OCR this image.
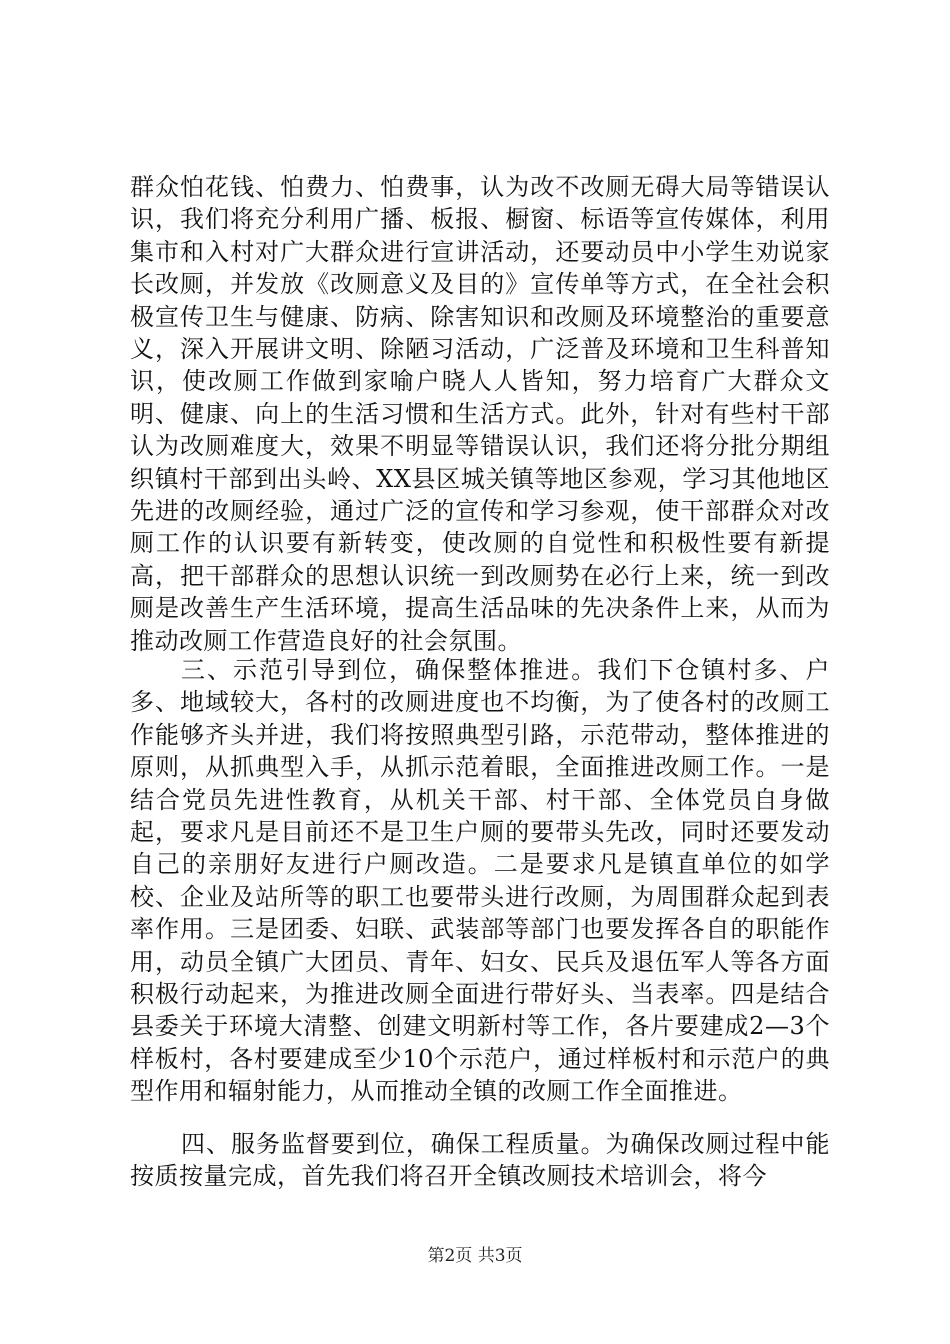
群众怕花钱、怕费力、怕费事，认为改不改厕无碍大局等错误认识，我们将充分利用广播、板报、橱窗、标语等宣传媒体，利用集市和入村对广大群众进行宣讲活动，还要动员中小学生劝说家长改厕，并发放《改厕意义及目的》宣传单等方式，在全社会积极宣传卫生与健康、防病、除害知识和改厕及环境整治的重要意义，深入开展讲文明、除陋习活动，广泛普及环境和卫生科普知识，使改厕工作做到家喻户晓人人皆知，努力培育广大群众文明、健康、向上的生活习惯和生活方式。此外，针对有些村干部认为改厕难度大，效果不明显等错误认识，我们还将分批分期组织镇村干部到出头岭、XX县区城关镇等地区参观，学习其他地区先进的改厕经验，通过广泛的宣传和学习参观，使干部群众对改厕工作的认识要有新转变，使改厕的自觉性和积极性要有新提高，把干部群众的思想认识统一到改厕势在必行上来，统一到改厕是改善生产生活环境，提高生活品味的先决条件上来，从而为推动改厕工作营造良好的社会氛围。

三、示范引导到位，确保整体推进。我们下仓镇村多、户多、地域较大，各村的改厕进度也不均衡，为了使各村的改厕工作能够齐头并进，我们将按照典型引路，示范带动，整体推进的原则，从抓典型入手，从抓示范着眼，全面推进改厕工作。一是结合党员先进性教育，从机关干部、村干部、全体党员自身做起，要求凡是目前还不是卫生户厕的要带头先改，同时还要发动自己的亲朋好友进行户厕改造。二是要求凡是镇直单位的如学校、企业及站所等的职工也要带头进行改厕，为周围群众起到表率作用。三是团委、妇联、武装部等部门也要发挥各自的职能作用，动员全镇广大团员、青年、妇女、民兵及退伍军人等各方面积极行动起来，为推进改厕全面进行带好头、当表率。四是结合县委关于环境大清整、创建文明新村等工作，各片要建成2—3个样板村，各村要建成至少10个示范户，通过样板村和示范户的典型作用和辐射能力，从而推动全镇的改厕工作全面推进。

四、服务监督要到位，确保工程质量。为确保改厕过程中能按质按量完成，首先我们将召开全镇改厕技术培训会，将今

第2页 共3页
